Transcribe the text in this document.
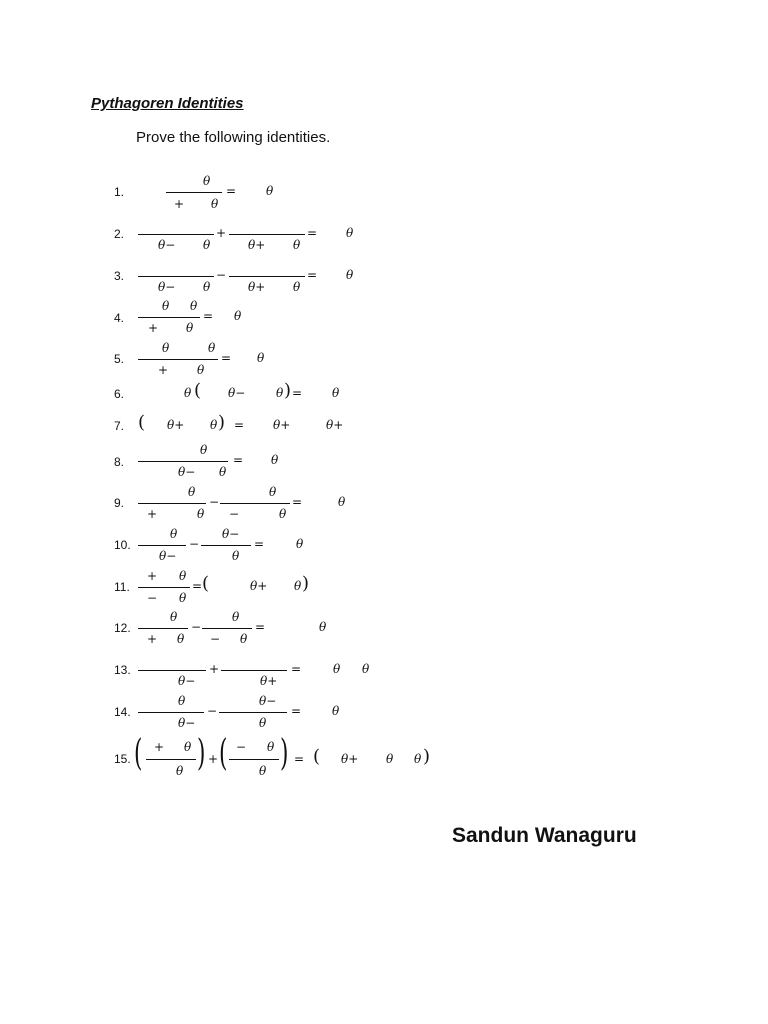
Pythagoren Identities
Prove the following identities.
1.
θ
+ θ
= θ
2.
θ− θ
+
θ+ θ
= θ
3.
θ− θ
−
θ+ θ
= θ
4.
θ θ
+ θ
= θ
5.
θ	θ
+ θ
= θ
6.	θ ( θ−	θ ) = θ
7. ( θ+ θ ) = θ+	θ+
8.
θ
θ− θ
= θ
9.
θ
+	θ
−
θ
−	θ
=	θ
10.
θ
θ−
−
θ−
θ
=	θ
11.
+ θ
− θ
= (	θ+ θ )
12.
θ
+ θ
−
θ
− θ
=	θ
13.
θ−
+
θ+
=	θ θ
14.
θ
θ−
−
θ−
θ
=	θ
15. ( + θ
θ ) + ( − θ
θ ) = ( θ+ θ θ )
Sandun Wanaguru
